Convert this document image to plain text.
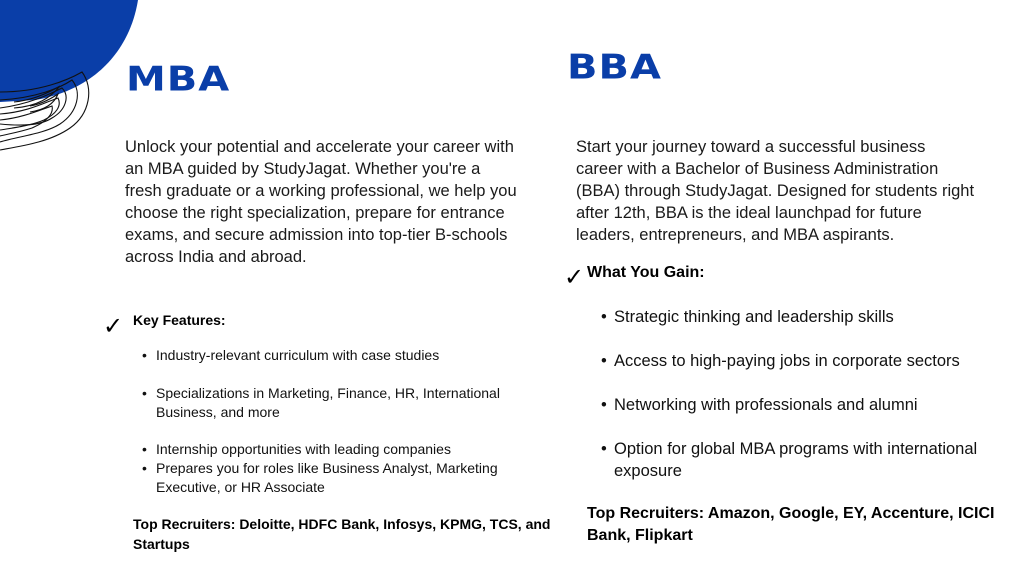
MBA

Unlock your potential and accelerate your career with an MBA guided by StudyJagat. Whether you're a fresh graduate or a working professional, we help you choose the right specialization, prepare for entrance exams, and secure admission into top-tier B-schools across India and abroad.

✓ Key Features:
• Industry-relevant curriculum with case studies
• Specializations in Marketing, Finance, HR, International Business, and more
• Internship opportunities with leading companies
• Prepares you for roles like Business Analyst, Marketing Executive, or HR Associate

Top Recruiters: Deloitte, HDFC Bank, Infosys, KPMG, TCS, and Startups

BBA

Start your journey toward a successful business career with a Bachelor of Business Administration (BBA) through StudyJagat. Designed for students right after 12th, BBA is the ideal launchpad for future leaders, entrepreneurs, and MBA aspirants.

✓ What You Gain:
• Strategic thinking and leadership skills
• Access to high-paying jobs in corporate sectors
• Networking with professionals and alumni
• Option for global MBA programs with international exposure

Top Recruiters: Amazon, Google, EY, Accenture, ICICI Bank, Flipkart
